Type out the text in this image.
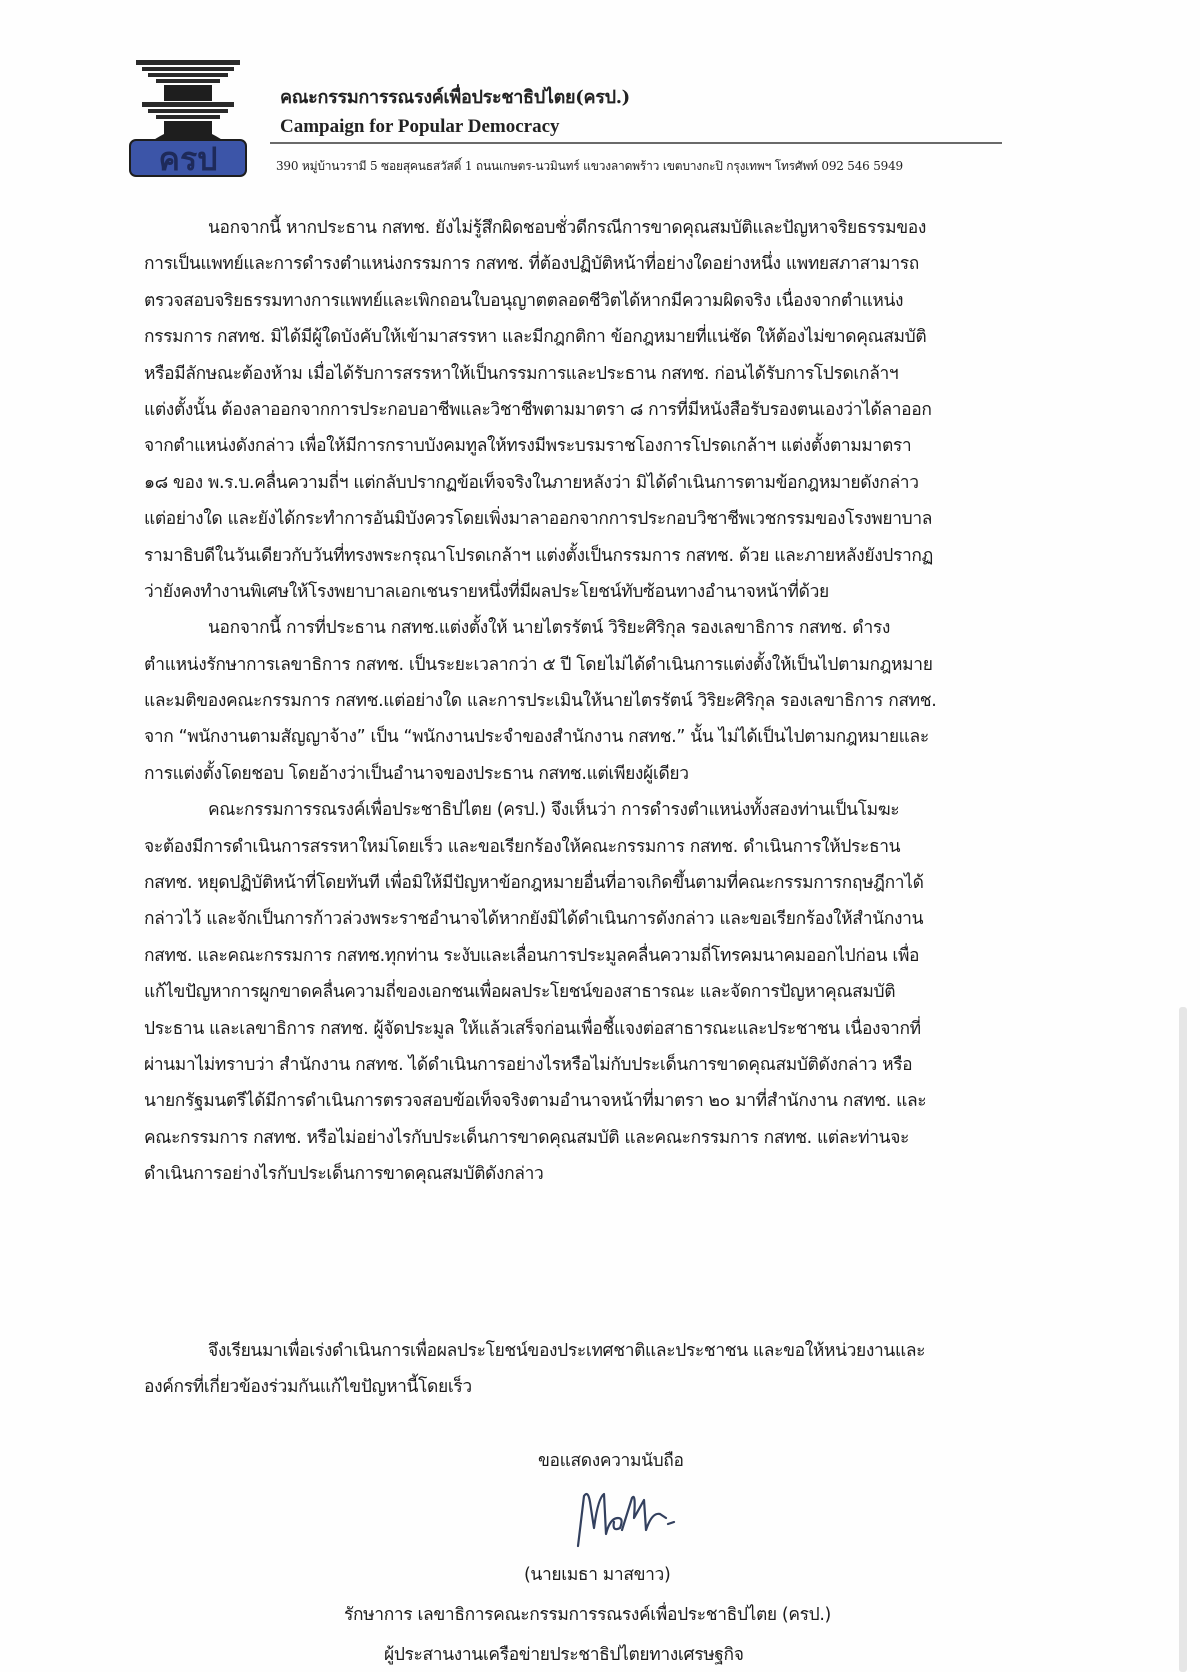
ครป
คณะกรรมการรณรงค์เพื่อประชาธิปไตย(ครป.)
Campaign for Popular Democracy
390 หมู่บ้านวรามี 5 ซอยสุคนธสวัสดิ์ 1 ถนนเกษตร-นวมินทร์ แขวงลาดพร้าว เขตบางกะปิ กรุงเทพฯ โทรศัพท์ 092 546 5949
นอกจากนี้ หากประธาน กสทช. ยังไม่รู้สึกผิดชอบชั่วดีกรณีการขาดคุณสมบัติและปัญหาจริยธรรมของ
การเป็นแพทย์และการดำรงตำแหน่งกรรมการ กสทช. ที่ต้องปฏิบัติหน้าที่อย่างใดอย่างหนึ่ง แพทยสภาสามารถ
ตรวจสอบจริยธรรมทางการแพทย์และเพิกถอนใบอนุญาตตลอดชีวิตได้หากมีความผิดจริง เนื่องจากตำแหน่ง
กรรมการ กสทช. มิได้มีผู้ใดบังคับให้เข้ามาสรรหา และมีกฎกติกา ข้อกฎหมายที่แน่ชัด ให้ต้องไม่ขาดคุณสมบัติ
หรือมีลักษณะต้องห้าม เมื่อได้รับการสรรหาให้เป็นกรรมการและประธาน กสทช. ก่อนได้รับการโปรดเกล้าฯ
แต่งตั้งนั้น ต้องลาออกจากการประกอบอาชีพและวิชาชีพตามมาตรา ๘ การที่มีหนังสือรับรองตนเองว่าได้ลาออก
จากตำแหน่งดังกล่าว เพื่อให้มีการกราบบังคมทูลให้ทรงมีพระบรมราชโองการโปรดเกล้าฯ แต่งตั้งตามมาตรา
๑๘ ของ พ.ร.บ.คลื่นความถี่ฯ แต่กลับปรากฏข้อเท็จจริงในภายหลังว่า มิได้ดำเนินการตามข้อกฎหมายดังกล่าว
แต่อย่างใด และยังได้กระทำการอันมิบังควรโดยเพิ่งมาลาออกจากการประกอบวิชาชีพเวชกรรมของโรงพยาบาล
รามาธิบดีในวันเดียวกับวันที่ทรงพระกรุณาโปรดเกล้าฯ แต่งตั้งเป็นกรรมการ กสทช. ด้วย และภายหลังยังปรากฏ
ว่ายังคงทำงานพิเศษให้โรงพยาบาลเอกเชนรายหนึ่งที่มีผลประโยชน์ทับซ้อนทางอำนาจหน้าที่ด้วย
นอกจากนี้ การที่ประธาน กสทช.แต่งตั้งให้ นายไตรรัตน์ วิริยะศิริกุล รองเลขาธิการ กสทช. ดำรง
ตำแหน่งรักษาการเลขาธิการ กสทช. เป็นระยะเวลากว่า ๕ ปี โดยไม่ได้ดำเนินการแต่งตั้งให้เป็นไปตามกฎหมาย
และมติของคณะกรรมการ กสทช.แต่อย่างใด และการประเมินให้นายไตรรัตน์ วิริยะศิริกุล รองเลขาธิการ กสทช.
จาก “พนักงานตามสัญญาจ้าง” เป็น “พนักงานประจำของสำนักงาน กสทช.” นั้น ไม่ได้เป็นไปตามกฎหมายและ
การแต่งตั้งโดยชอบ โดยอ้างว่าเป็นอำนาจของประธาน กสทช.แต่เพียงผู้เดียว
คณะกรรมการรณรงค์เพื่อประชาธิปไตย (ครป.) จึงเห็นว่า การดำรงตำแหน่งทั้งสองท่านเป็นโมฆะ
จะต้องมีการดำเนินการสรรหาใหม่โดยเร็ว และขอเรียกร้องให้คณะกรรมการ กสทช. ดำเนินการให้ประธาน
กสทช. หยุดปฏิบัติหน้าที่โดยทันที เพื่อมิให้มีปัญหาข้อกฎหมายอื่นที่อาจเกิดขึ้นตามที่คณะกรรมการกฤษฎีกาได้
กล่าวไว้ และจักเป็นการก้าวล่วงพระราชอำนาจได้หากยังมิได้ดำเนินการดังกล่าว และขอเรียกร้องให้สำนักงาน
กสทช. และคณะกรรมการ กสทช.ทุกท่าน ระงับและเลื่อนการประมูลคลื่นความถี่โทรคมนาคมออกไปก่อน เพื่อ
แก้ไขปัญหาการผูกขาดคลื่นความถี่ของเอกชนเพื่อผลประโยชน์ของสาธารณะ และจัดการปัญหาคุณสมบัติ
ประธาน และเลขาธิการ กสทช. ผู้จัดประมูล ให้แล้วเสร็จก่อนเพื่อชี้แจงต่อสาธารณะและประชาชน เนื่องจากที่
ผ่านมาไม่ทราบว่า สำนักงาน กสทช. ได้ดำเนินการอย่างไรหรือไม่กับประเด็นการขาดคุณสมบัติดังกล่าว หรือ
นายกรัฐมนตรีได้มีการดำเนินการตรวจสอบข้อเท็จจริงตามอำนาจหน้าที่มาตรา ๒๐ มาที่สำนักงาน กสทช. และ
คณะกรรมการ กสทช. หรือไม่อย่างไรกับประเด็นการขาดคุณสมบัติ และคณะกรรมการ กสทช. แต่ละท่านจะ
ดำเนินการอย่างไรกับประเด็นการขาดคุณสมบัติดังกล่าว
จึงเรียนมาเพื่อเร่งดำเนินการเพื่อผลประโยชน์ของประเทศชาติและประชาชน และขอให้หน่วยงานและ
องค์กรที่เกี่ยวข้องร่วมกันแก้ไขปัญหานี้โดยเร็ว
ขอแสดงความนับถือ
(นายเมธา มาสขาว)
รักษาการ เลขาธิการคณะกรรมการรณรงค์เพื่อประชาธิปไตย (ครป.)
ผู้ประสานงานเครือข่ายประชาธิปไตยทางเศรษฐกิจ
